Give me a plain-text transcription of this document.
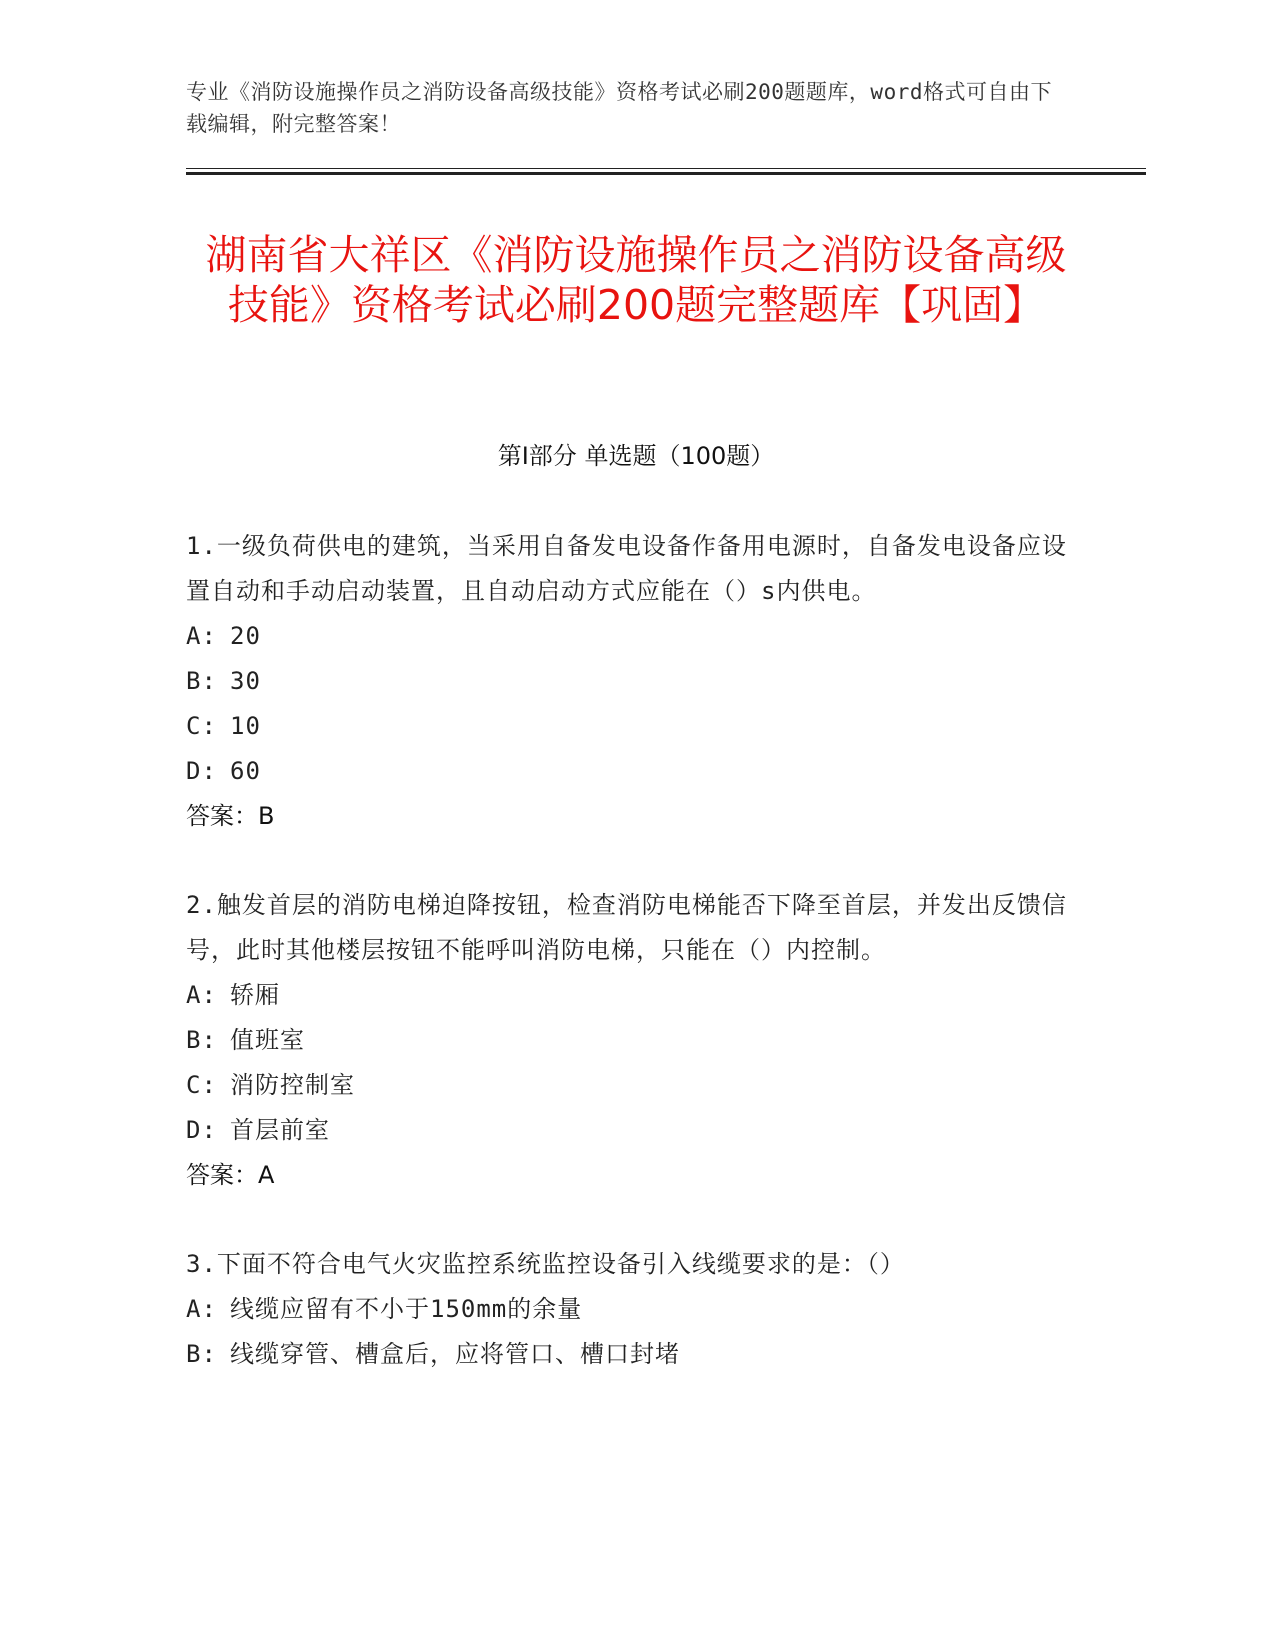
专业《消防设施操作员之消防设备高级技能》资格考试必刷200题题库，word格式可自由下载编辑，附完整答案！
湖南省大祥区《消防设施操作员之消防设备高级技能》资格考试必刷200题完整题库【巩固】
第Ⅰ部分 单选题（100题）

1.一级负荷供电的建筑，当采用自备发电设备作备用电源时，自备发电设备应设置自动和手动启动装置，且自动启动方式应能在（）s内供电。

A: 20

B: 30

C: 10

D: 60

答案：B

2.触发首层的消防电梯迫降按钮，检查消防电梯能否下降至首层，并发出反馈信号，此时其他楼层按钮不能呼叫消防电梯，只能在（）内控制。

A: 轿厢

B: 值班室

C: 消防控制室

D: 首层前室

答案：A

3.下面不符合电气火灾监控系统监控设备引入线缆要求的是：（）

A: 线缆应留有不小于150mm的余量

B: 线缆穿管、槽盒后，应将管口、槽口封堵
